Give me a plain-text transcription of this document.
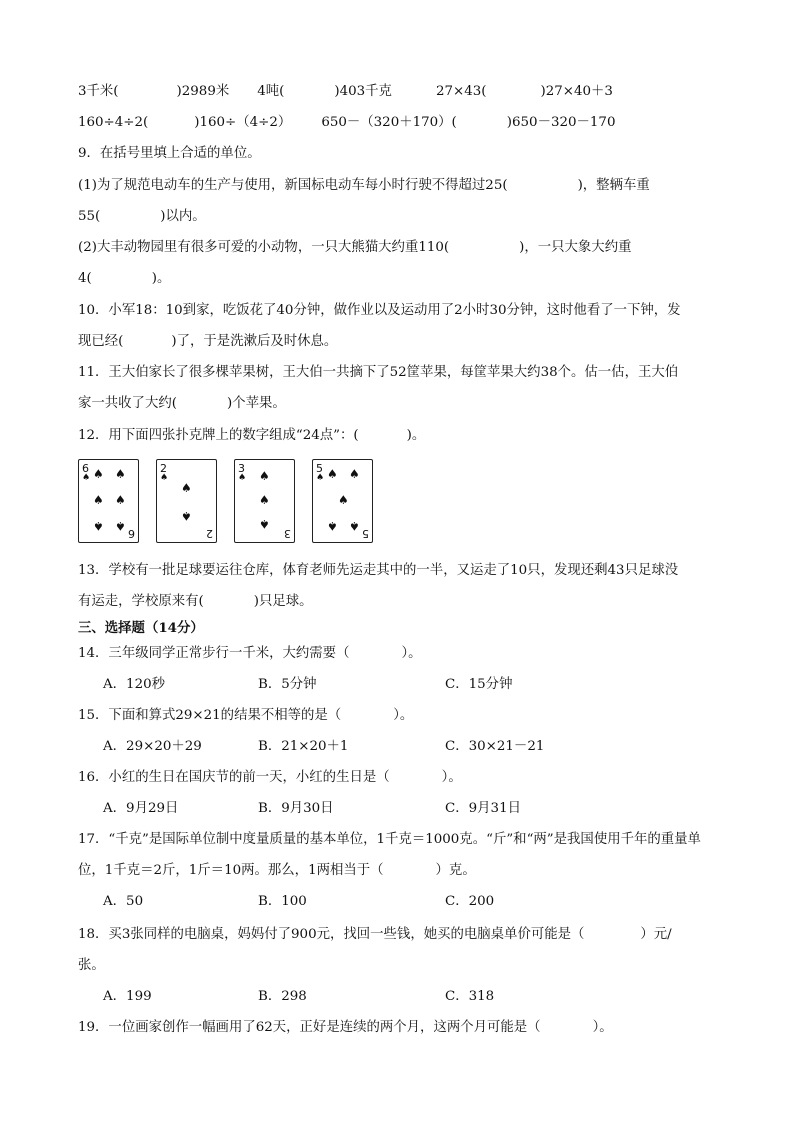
3千米(	)2989米 4吨(	)403千克	27×43(	)27×40＋3
160÷4÷2(	)160÷（4÷2） 650－（320＋170）(	)650－320－170
9．在括号里填上合适的单位。
(1)为了规范电动车的生产与使用，新国标电动车每小时行驶不得超过25(	)，整辆车重
55(	)以内。
(2)大丰动物园里有很多可爱的小动物，一只大熊猫大约重110(	)，一只大象大约重
4(	)。
10．小军18：10到家，吃饭花了40分钟，做作业以及运动用了2小时30分钟，这时他看了一下钟，发
现已经(	)了，于是洗漱后及时休息。
11．王大伯家长了很多棵苹果树，王大伯一共摘下了52筐苹果，每筐苹果大约38个。估一估，王大伯
家一共收了大约(	)个苹果。
12．用下面四张扑克牌上的数字组成“24点”：(	)。
6
♠ ♠ ♠
♠ ♠
♠ ♠
6
2
♠
♠
♠
2
3
♠ ♠
♠
♠
3
5
♠ ♠ ♠
♠
♠ ♠
5
13．学校有一批足球要运往仓库，体育老师先运走其中的一半，又运走了10只，发现还剩43只足球没
有运走，学校原来有(	)只足球。
三、选择题（14分）
14．三年级同学正常步行一千米，大约需要（	）。
A．120秒	B．5分钟	C．15分钟
15．下面和算式29×21的结果不相等的是（	）。
A．29×20＋29	B．21×20＋1	C．30×21－21
16．小红的生日在国庆节的前一天，小红的生日是（	）。
A．9月29日	B．9月30日	C．9月31日
17．“千克”是国际单位制中度量质量的基本单位，1千克＝1000克。“斤”和“两”是我国使用千年的重量单
位，1千克＝2斤，1斤＝10两。那么，1两相当于（	）克。
A．50	B．100	C．200
18．买3张同样的电脑桌，妈妈付了900元，找回一些钱，她买的电脑桌单价可能是（	）元/
张。
A．199	B．298	C．318
19．一位画家创作一幅画用了62天，正好是连续的两个月，这两个月可能是（	）。
